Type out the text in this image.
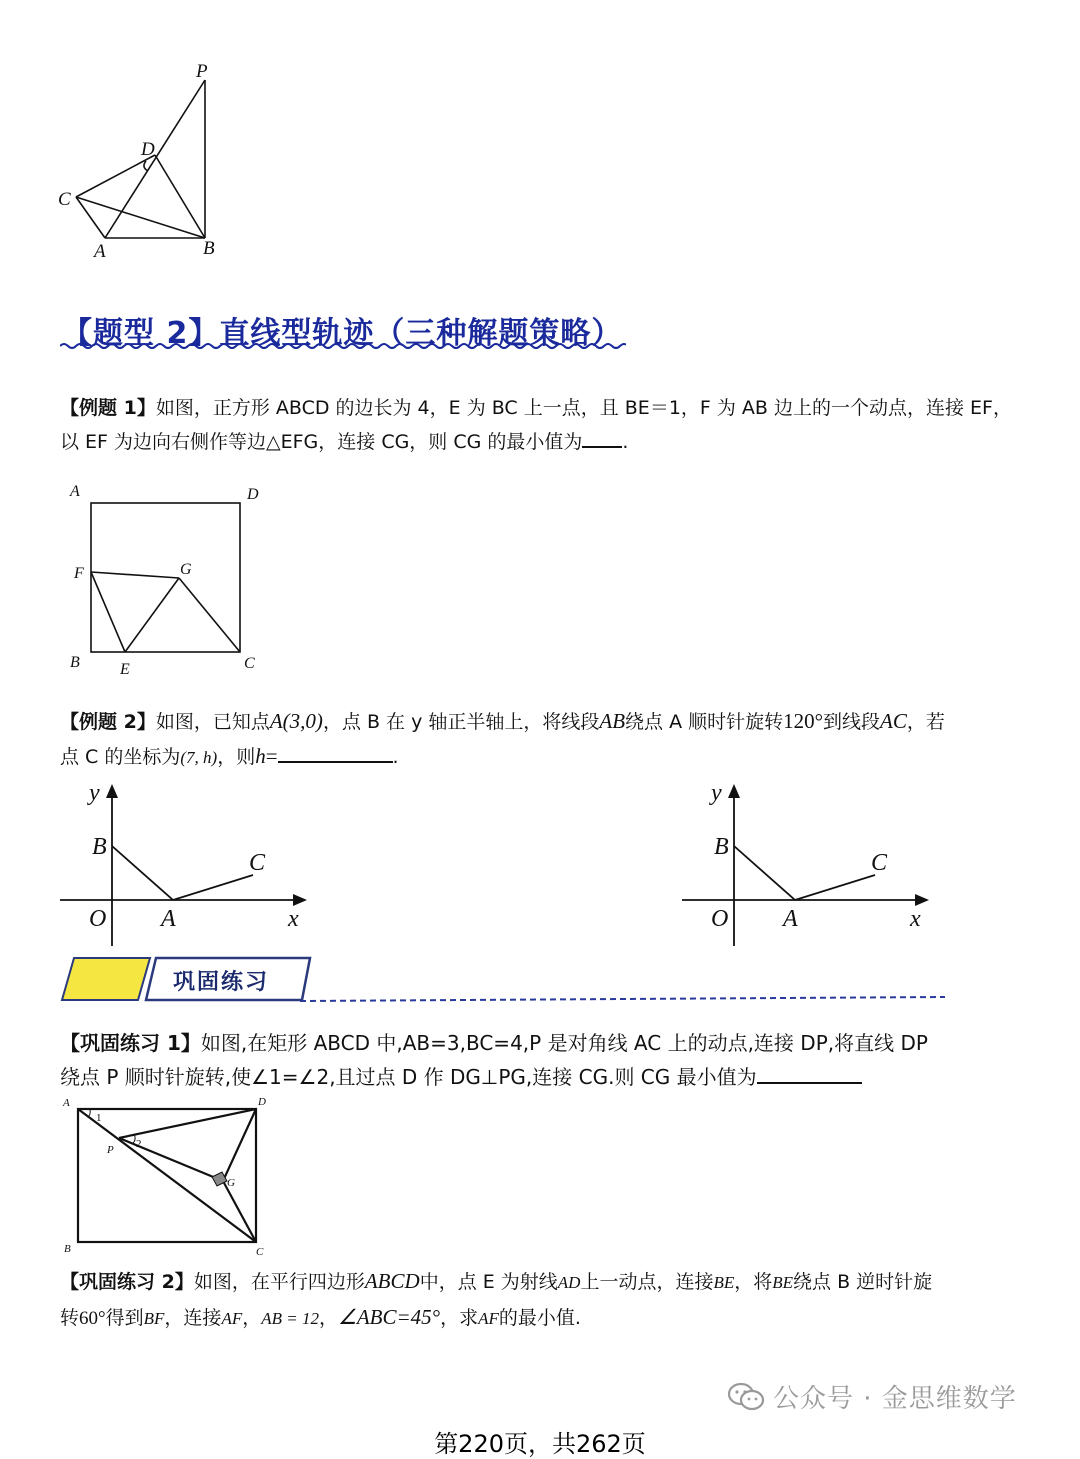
P
D
C
A	B
【题型 2】直线型轨迹（三种解题策略）
【例题 1】如图，正方形 ABCD 的边长为 4，E 为 BC 上一点，且 BE＝1，F 为 AB 边上的一个动点，连接 EF，
以 EF 为边向右侧作等边△EFG，连接 CG，则 CG 的最小值为 .
A	D
F	G
B	E	C
【例题 2】如图，已知点A(3,0)，点 B 在 y 轴正半轴上，将线段AB绕点 A 顺时针旋转120°到线段AC，若
点 C 的坐标为(7, h)，则h=	.
y
B
C
O A	x
y
B
C
O A	x
巩固练习
【巩固练习 1】如图,在矩形 ABCD 中,AB=3,BC=4,P 是对角线 AC 上的动点,连接 DP,将直线 DP
绕点 P 顺时针旋转,使∠1=∠2,且过点 D 作 DG⊥PG,连接 CG.则 CG 最小值为
A	D
P
G
B	C
1
2
【巩固练习 2】如图，在平行四边形ABCD中，点 E 为射线AD上一动点，连接BE，将BE绕点 B 逆时针旋
转60°得到BF，连接AF，AB = 12，∠ABC=45°，求AF的最小值.
公众号 · 金思维数学
第220页，共262页
